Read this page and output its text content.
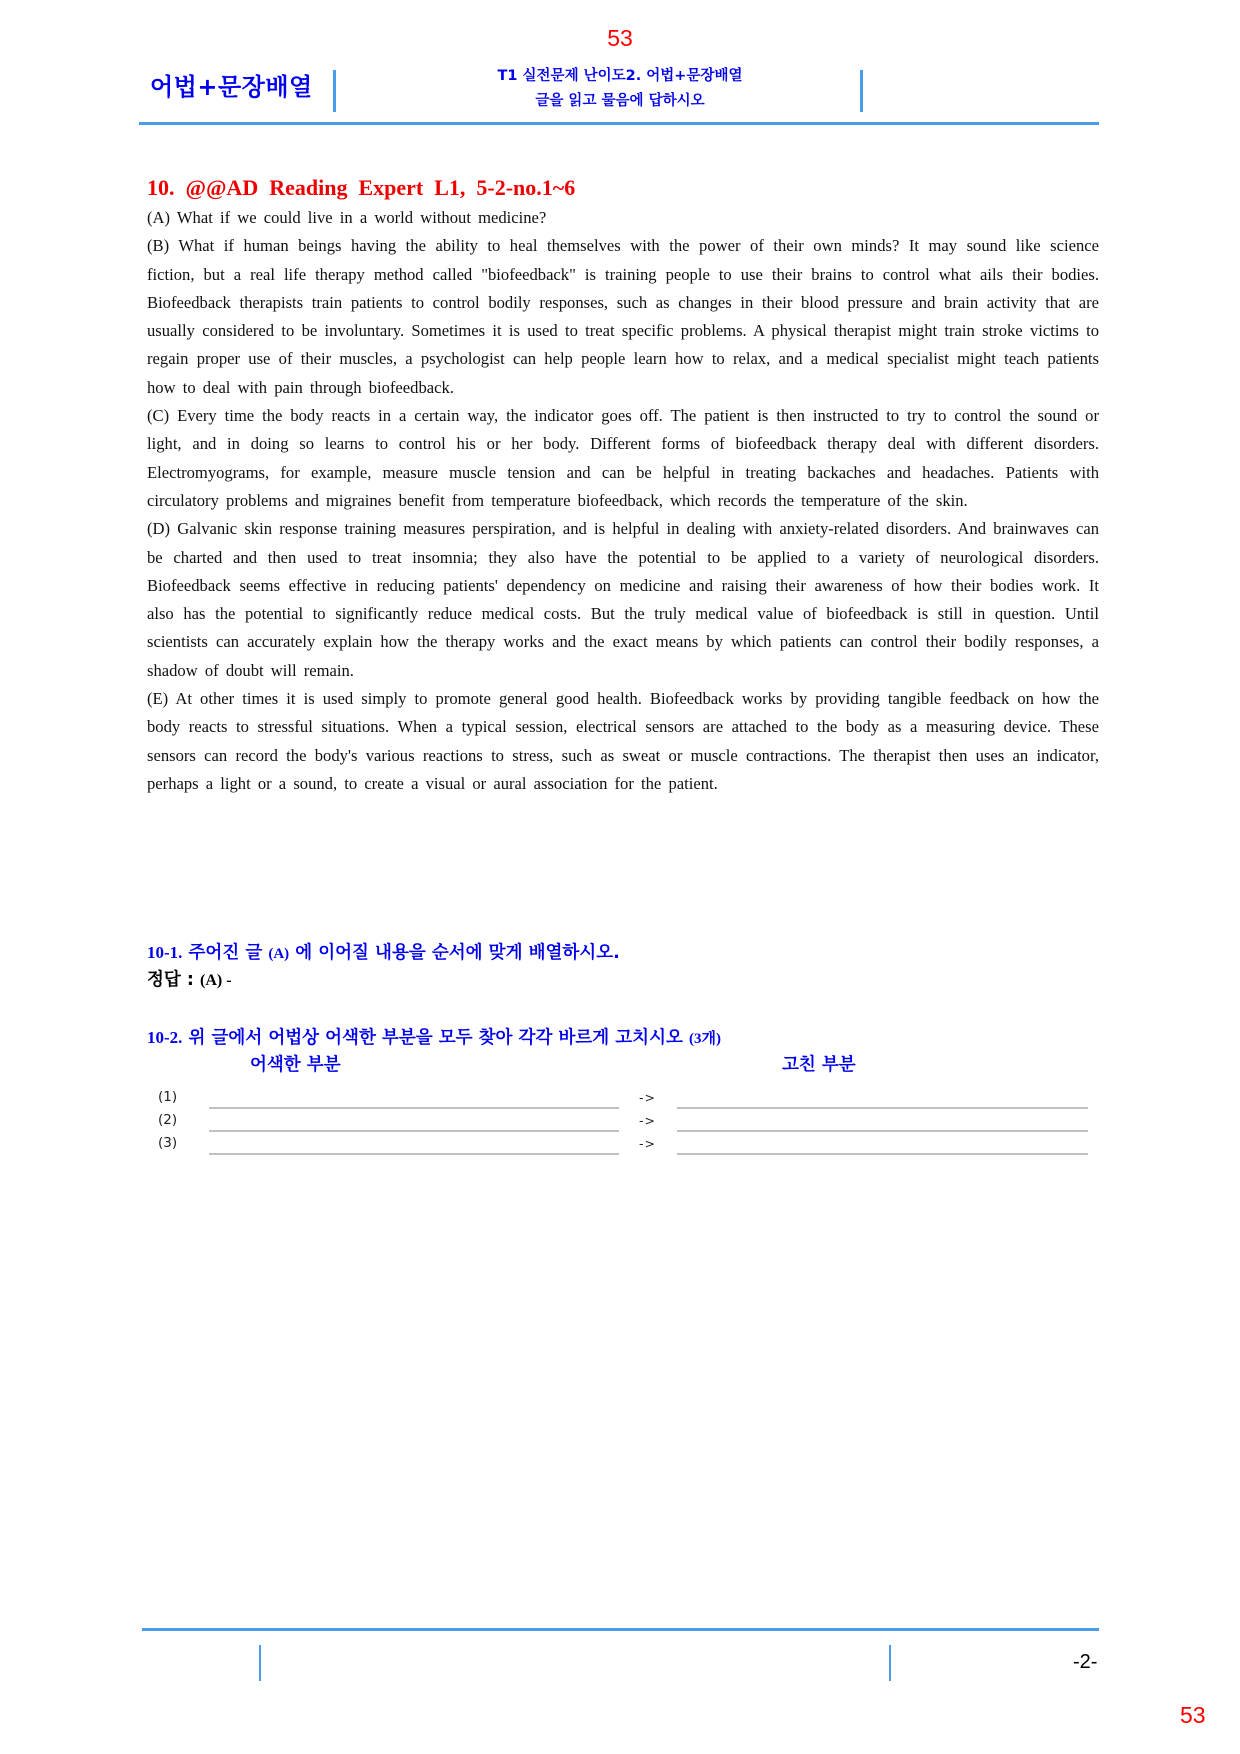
53
어법+문장배열	T1 실전문제 난이도2. 어법+문장배열
글을 읽고 물음에 답하시오
10.  @@AD  Reading  Expert  L1,  5-2-no.1~6

(A) What if we could live in a world without medicine?

(B) What if human beings having the ability to heal themselves with the power of their own minds? It may sound like science fiction, but a real life therapy method called "biofeedback" is training people to use their brains to control what ails their bodies. Biofeedback therapists train patients to control bodily responses, such as changes in their blood pressure and brain activity that are usually considered to be involuntary. Sometimes it is used to treat specific problems. A physical therapist might train stroke victims to regain proper use of their muscles, a psychologist can help people learn how to relax, and a medical specialist might teach patients how to deal with pain through biofeedback.

(C) Every time the body reacts in a certain way, the indicator goes off. The patient is then instructed to try to control the sound or light, and in doing so learns to control his or her body. Different forms of biofeedback therapy deal with different disorders. Electromyograms, for example, measure muscle tension and can be helpful in treating backaches and headaches. Patients with circulatory problems and migraines benefit from temperature biofeedback, which records the temperature of the skin.

(D) Galvanic skin response training measures perspiration, and is helpful in dealing with anxiety-related disorders. And brainwaves can be charted and then used to treat insomnia; they also have the potential to be applied to a variety of neurological disorders. Biofeedback seems effective in reducing patients' dependency on medicine and raising their awareness of how their bodies work. It also has the potential to significantly reduce medical costs. But the truly medical value of biofeedback is still in question. Until scientists can accurately explain how the therapy works and the exact means by which patients can control their bodily responses, a shadow of doubt will remain.

(E) At other times it is used simply to promote general good health. Biofeedback works by providing tangible feedback on how the body reacts to stressful situations. When a typical session, electrical sensors are attached to the body as a measuring device. These sensors can record the body's various reactions to stress, such as sweat or muscle contractions. The therapist then uses an indicator, perhaps a light or a sound, to create a visual or aural association for the patient.

10-1. 주어진 글 (A) 에 이어질 내용을 순서에 맞게 배열하시오.
정답 : (A) -
10-2. 위 글에서 어법상 어색한 부분을 모두 찾아 각각 바르게 고치시오 (3개)
어색한 부분	고친 부분
(1)	->
(2)	->
(3)	->
-2-
53
